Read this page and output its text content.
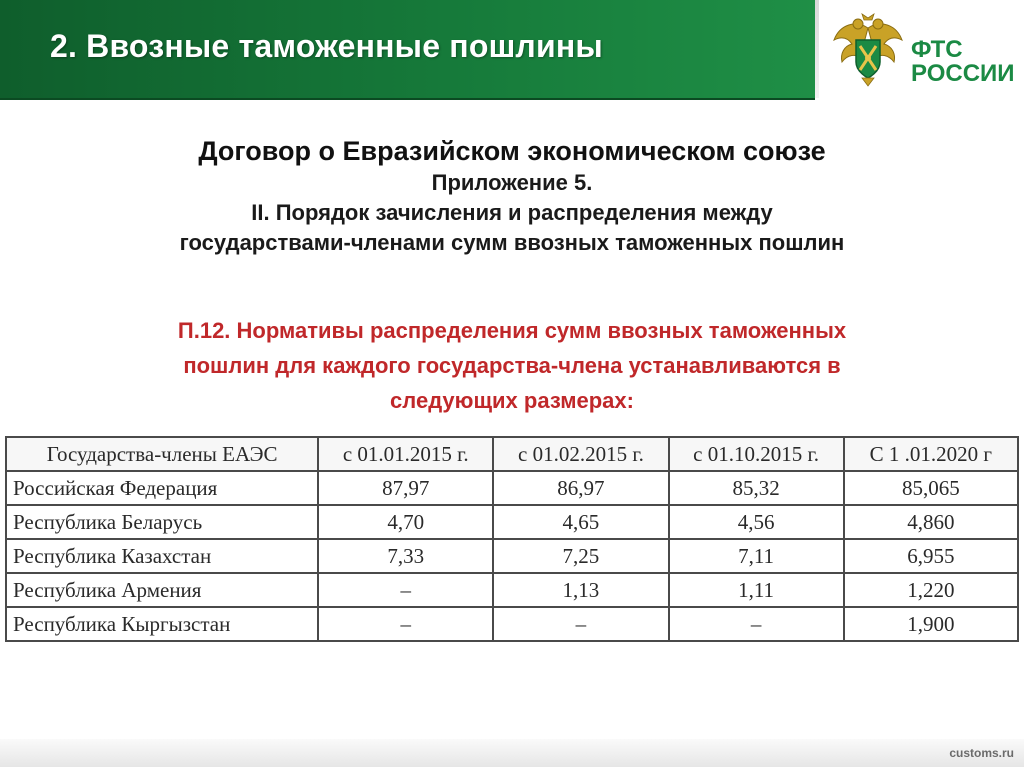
2. Ввозные таможенные пошлины	ФТС
РОССИИ
Договор о Евразийском экономическом союзе
Приложение 5.
II. Порядок зачисления и распределения между
государствами-членами сумм ввозных таможенных пошлин
П.12. Нормативы распределения сумм ввозных таможенных
пошлин для каждого государства-члена устанавливаются в
следующих размерах:
Государства-члены ЕАЭС	с 01.01.2015 г.	с 01.02.2015 г.	с 01.10.2015 г.	С 1 .01.2020 г
Российская Федерация	87,97	86,97	85,32	85,065
Республика Беларусь	4,70	4,65	4,56	4,860
Республика Казахстан	7,33	7,25	7,11	6,955
Республика Армения	–	1,13	1,11	1,220
Республика Кыргызстан	–	–	–	1,900
customs.ru
